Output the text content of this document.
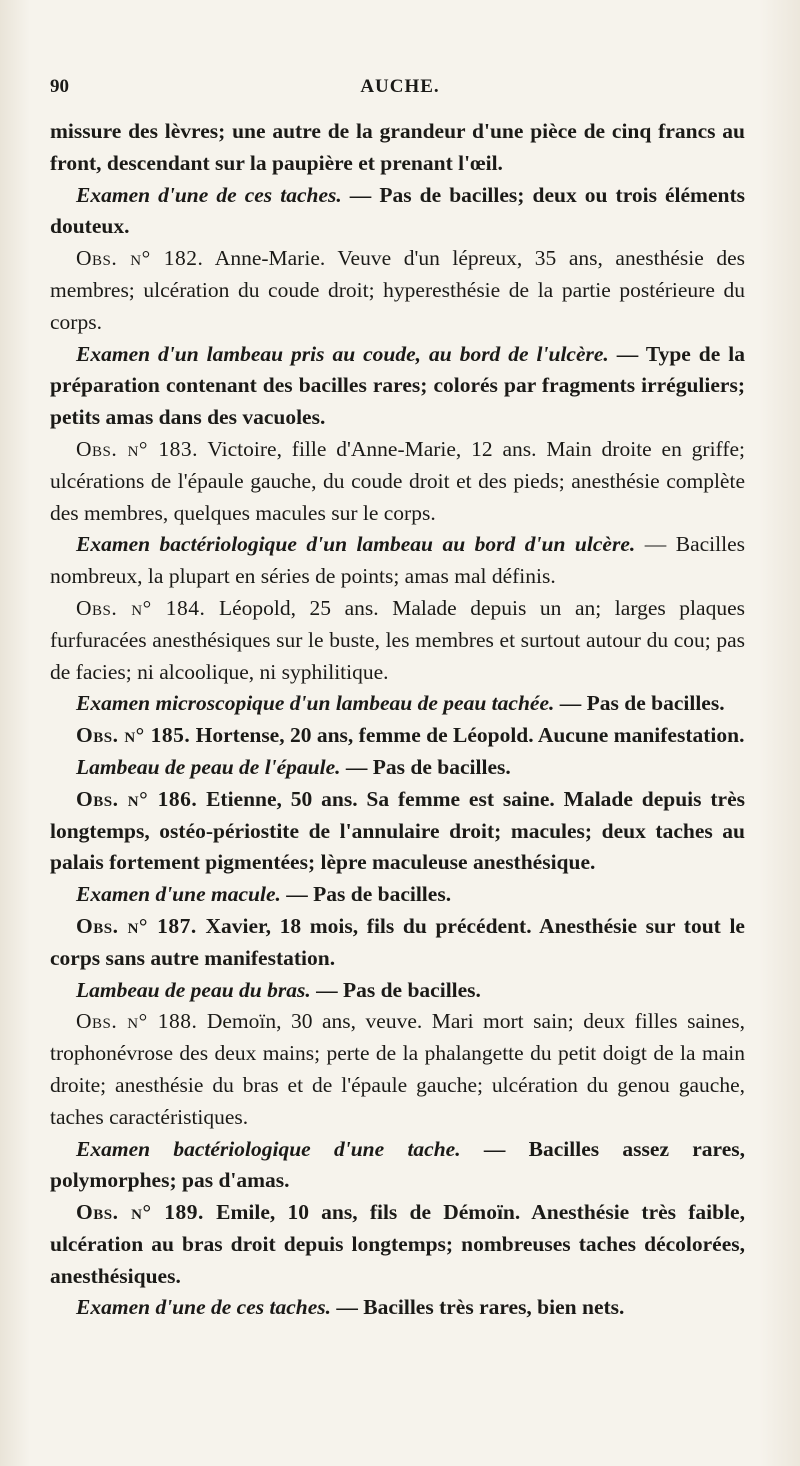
90	AUCHE.

missure des lèvres; une autre de la grandeur d'une pièce de cinq francs au front, descendant sur la paupière et prenant l'œil.

Examen d'une de ces taches. — Pas de bacilles; deux ou trois éléments douteux.

Obs. n° 182. Anne-Marie. Veuve d'un lépreux, 35 ans, anesthésie des membres; ulcération du coude droit; hyperesthésie de la partie postérieure du corps.

Examen d'un lambeau pris au coude, au bord de l'ulcère. — Type de la préparation contenant des bacilles rares; colorés par fragments irréguliers; petits amas dans des vacuoles.

Obs. n° 183. Victoire, fille d'Anne-Marie, 12 ans. Main droite en griffe; ulcérations de l'épaule gauche, du coude droit et des pieds; anesthésie complète des membres, quelques macules sur le corps.

Examen bactériologique d'un lambeau au bord d'un ulcère. — Bacilles nombreux, la plupart en séries de points; amas mal définis.

Obs. n° 184. Léopold, 25 ans. Malade depuis un an; larges plaques furfuracées anesthésiques sur le buste, les membres et surtout autour du cou; pas de facies; ni alcoolique, ni syphilitique.

Examen microscopique d'un lambeau de peau tachée. — Pas de bacilles.

Obs. n° 185. Hortense, 20 ans, femme de Léopold. Aucune manifestation.

Lambeau de peau de l'épaule. — Pas de bacilles.

Obs. n° 186. Etienne, 50 ans. Sa femme est saine. Malade depuis très longtemps, ostéo-périostite de l'annulaire droit; macules; deux taches au palais fortement pigmentées; lèpre maculeuse anesthésique.

Examen d'une macule. — Pas de bacilles.

Obs. n° 187. Xavier, 18 mois, fils du précédent. Anesthésie sur tout le corps sans autre manifestation.

Lambeau de peau du bras. — Pas de bacilles.

Obs. n° 188. Demoïn, 30 ans, veuve. Mari mort sain; deux filles saines, trophonévrose des deux mains; perte de la phalangette du petit doigt de la main droite; anesthésie du bras et de l'épaule gauche; ulcération du genou gauche, taches caractéristiques.

Examen bactériologique d'une tache. — Bacilles assez rares, polymorphes; pas d'amas.

Obs. n° 189. Emile, 10 ans, fils de Démoïn. Anesthésie très faible, ulcération au bras droit depuis longtemps; nombreuses taches décolorées, anesthésiques.

Examen d'une de ces taches. — Bacilles très rares, bien nets.
